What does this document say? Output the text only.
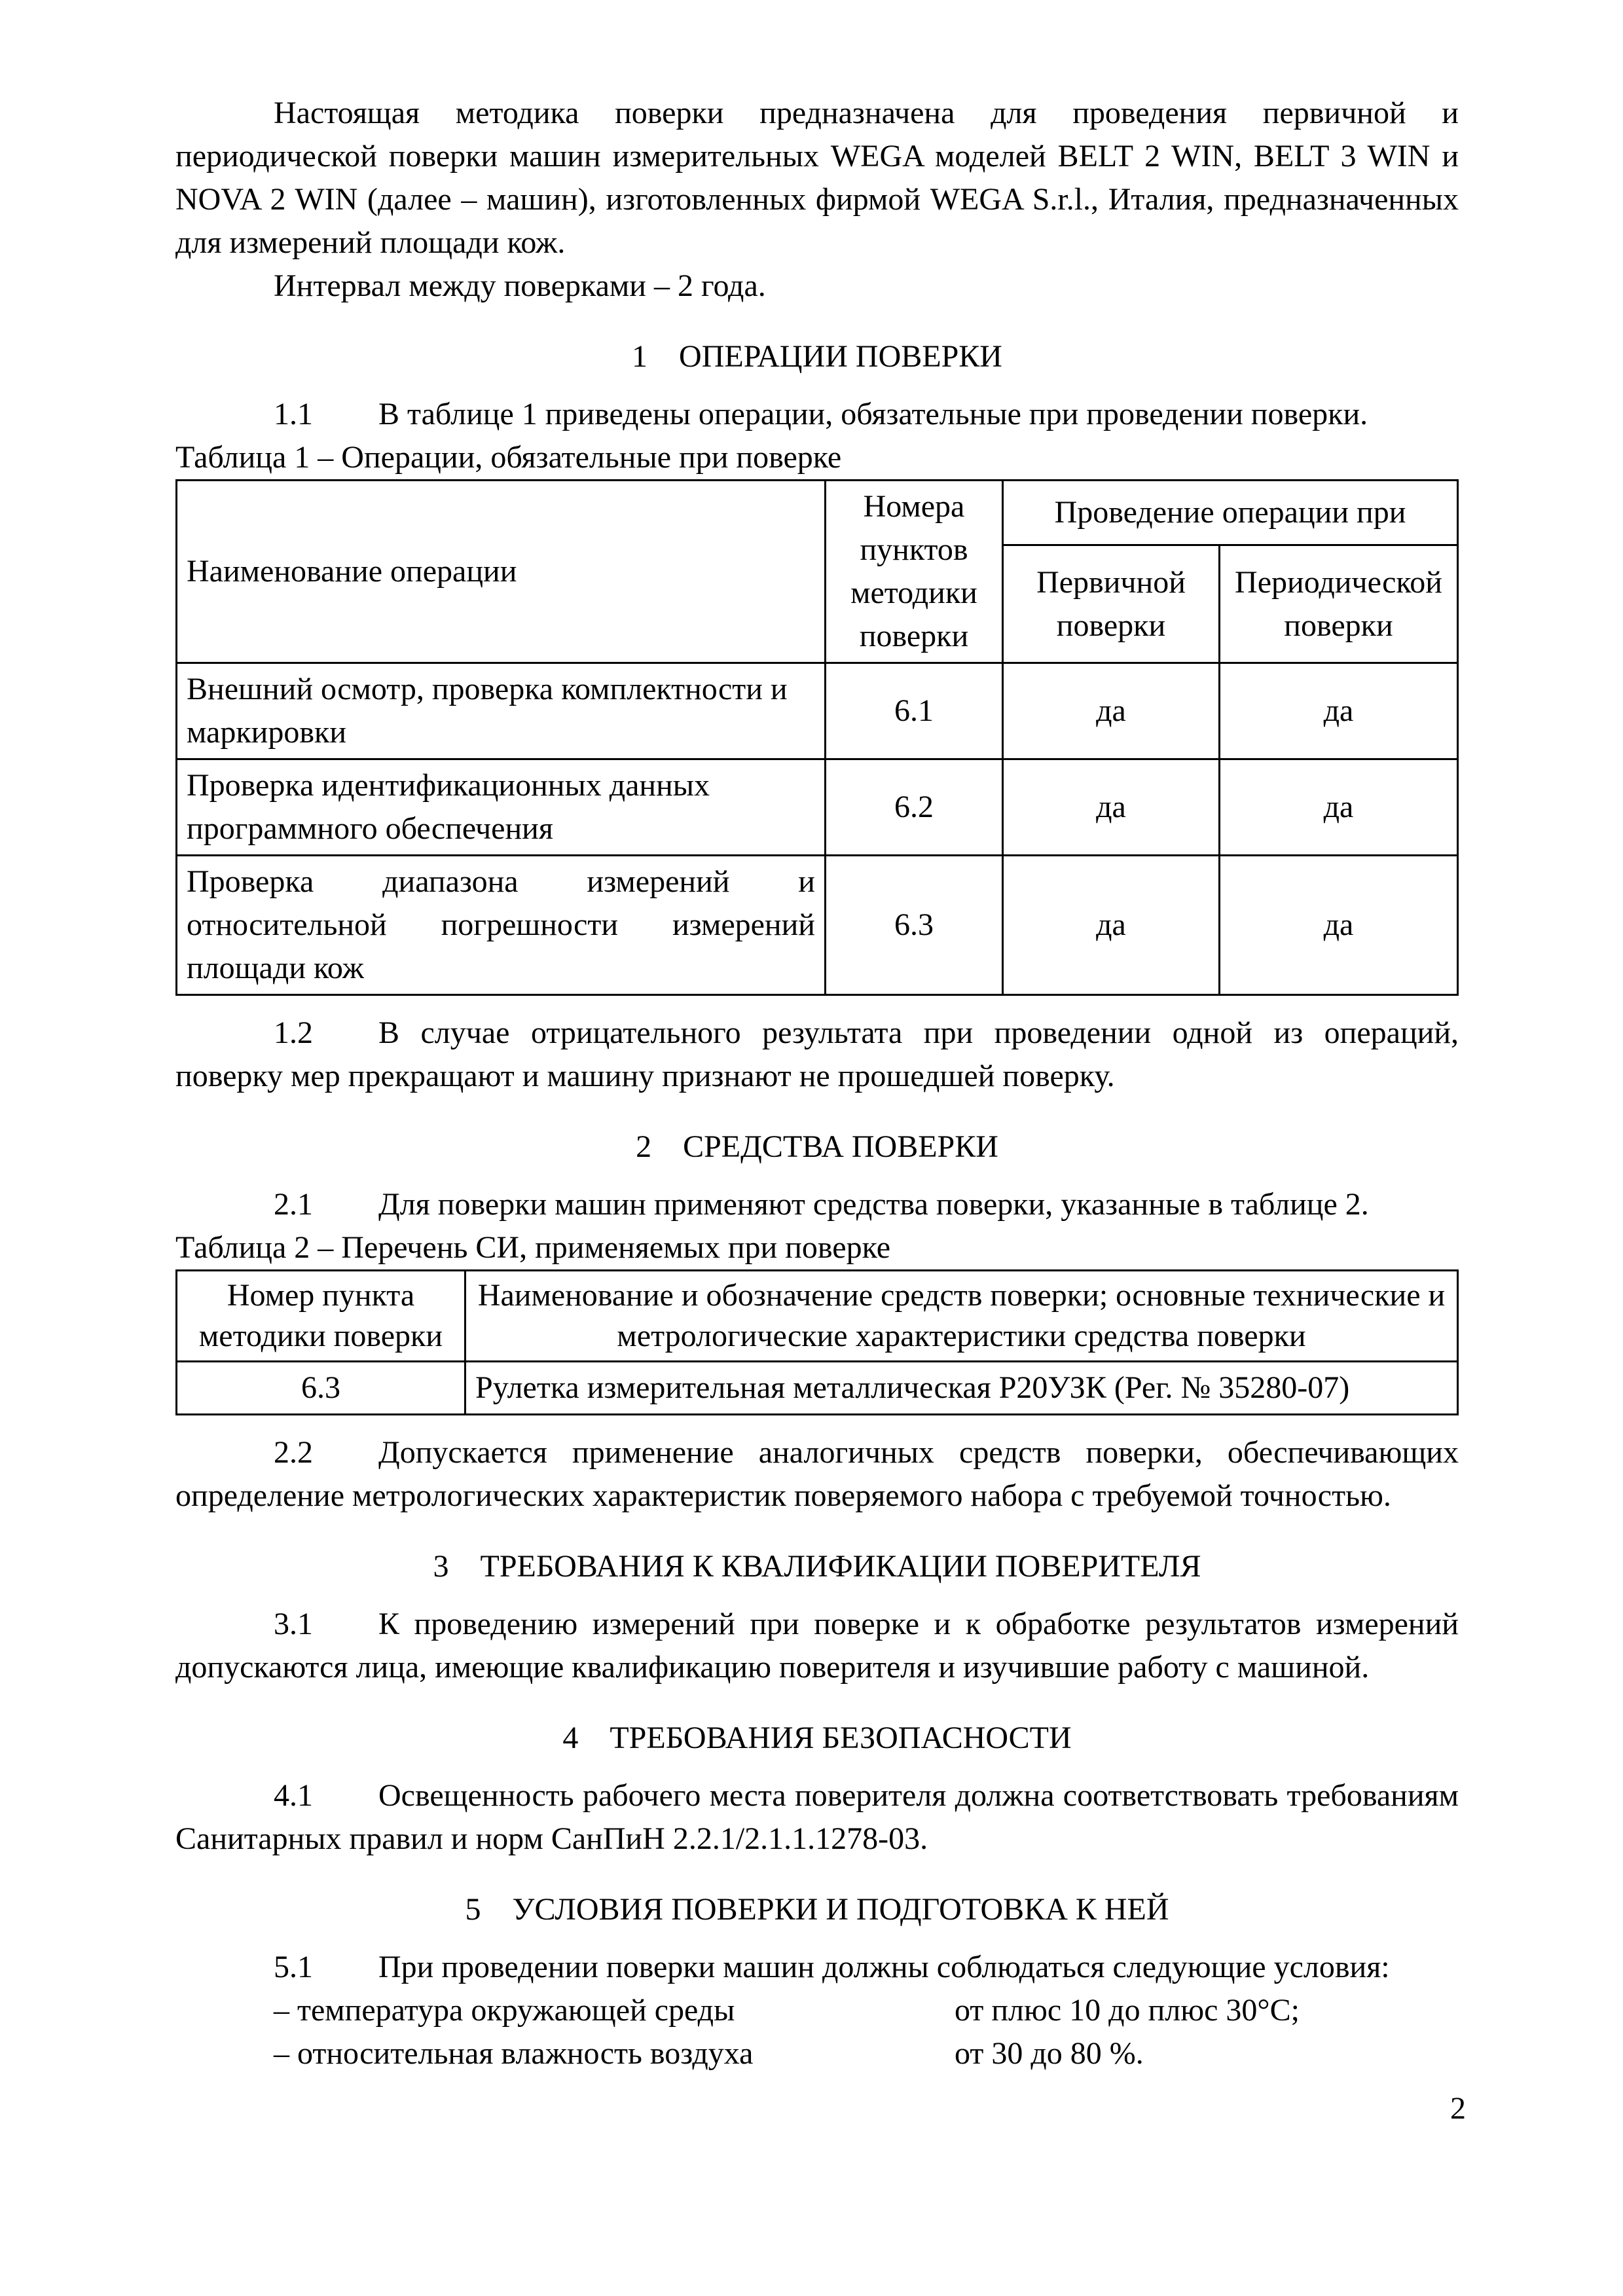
Настоящая методика поверки предназначена для проведения первичной и периодической поверки машин измерительных WEGA моделей BELT 2 WIN, BELT 3 WIN и NOVA 2 WIN (далее – машин), изготовленных фирмой WEGA S.r.l., Италия, предназначенных для измерений площади кож.

Интервал между поверками – 2 года.

1 ОПЕРАЦИИ ПОВЕРКИ

1.1 В таблице 1 приведены операции, обязательные при проведении поверки.

Таблица 1 – Операции, обязательные при поверке

Наименование операции	Номера пунктов методики поверки	Проведение операции при	
		Первичной поверки	Периодической поверки
Внешний осмотр, проверка комплектности и маркировки	6.1	да	да
Проверка идентификационных данных программного обеспечения	6.2	да	да
Проверка диапазона измерений и относительной погрешности измерений площади кож	6.3	да	да

1.2 В случае отрицательного результата при проведении одной из операций, поверку мер прекращают и машину признают не прошедшей поверку.

2 СРЕДСТВА ПОВЕРКИ

2.1 Для поверки машин применяют средства поверки, указанные в таблице 2.

Таблица 2 – Перечень СИ, применяемых при поверке

Номер пункта методики поверки	Наименование и обозначение средств поверки; основные технические и метрологические характеристики средства поверки
6.3	Рулетка измерительная металлическая Р20УЗК (Рег. № 35280-07)

2.2 Допускается применение аналогичных средств поверки, обеспечивающих определение метрологических характеристик поверяемого набора с требуемой точностью.

3 ТРЕБОВАНИЯ К КВАЛИФИКАЦИИ ПОВЕРИТЕЛЯ

3.1 К проведению измерений при поверке и к обработке результатов измерений допускаются лица, имеющие квалификацию поверителя и изучившие работу с машиной.

4 ТРЕБОВАНИЯ БЕЗОПАСНОСТИ

4.1 Освещенность рабочего места поверителя должна соответствовать требованиям Санитарных правил и норм СанПиН 2.2.1/2.1.1.1278-03.

5 УСЛОВИЯ ПОВЕРКИ И ПОДГОТОВКА К НЕЙ

5.1 При проведении поверки машин должны соблюдаться следующие условия:

– температура окружающей среды	от плюс 10 до плюс 30°С;
– относительная влажность воздуха	от 30 до 80 %.
2
